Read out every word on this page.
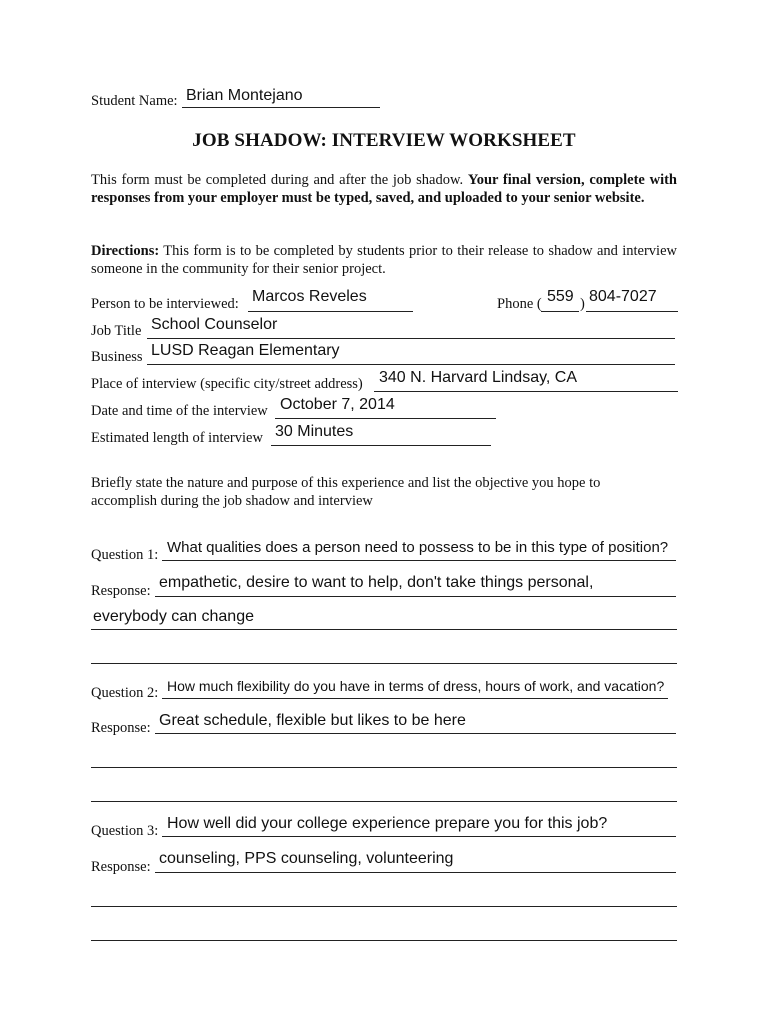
Student Name: Brian Montejano
JOB SHADOW: INTERVIEW WORKSHEET
This form must be completed during and after the job shadow. Your final version, complete with responses from your employer must be typed, saved, and uploaded to your senior website.
Directions: This form is to be completed by students prior to their release to shadow and interview someone in the community for their senior project.
Person to be interviewed: Marcos Reveles	Phone ( 559 ) 804-7027
Job Title School Counselor
Business LUSD Reagan Elementary
Place of interview (specific city/street address) 340 N. Harvard Lindsay, CA
Date and time of the interview October 7, 2014
Estimated length of interview 30 Minutes
Briefly state the nature and purpose of this experience and list the objective you hope to accomplish during the job shadow and interview
Question 1: What qualities does a person need to possess to be in this type of position?
Response: empathetic, desire to want to help, don't take things personal,
everybody can change
Question 2: How much flexibility do you have in terms of dress, hours of work, and vacation?
Response: Great schedule, flexible but likes to be here
Question 3: How well did your college experience prepare you for this job?
Response: counseling, PPS counseling, volunteering
